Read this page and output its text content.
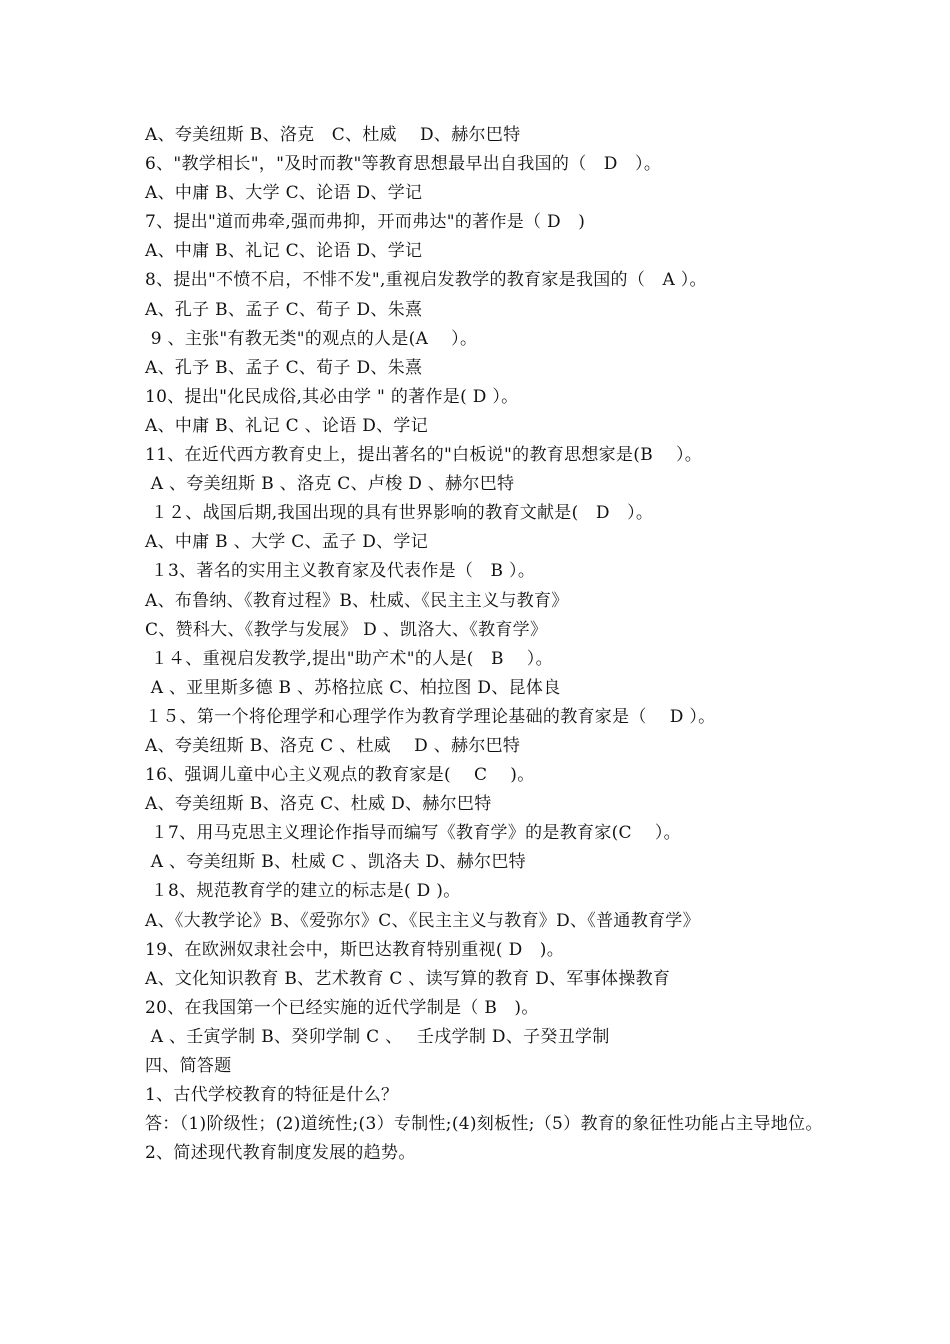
A、夸美纽斯 B、洛克　C、杜威　 D、赫尔巴特
6、"教学相长"，"及时而教"等教育思想最早出自我国的（　D　）。
A、中庸 B、大学 C、论语 D、学记
7、提出"道而弗牵,强而弗抑，开而弗达"的著作是（ D　)
A、中庸 B、礼记 C、论语 D、学记
8、提出"不愤不启，不悱不发",重视启发教学的教育家是我国的（　A ）。
A、孔子 B、孟子 C、荀子 D、朱熹
9 、主张"有教无类"的观点的人是(A　 ）。
A、孔予 B、孟子 C、荀子 D、朱熹
10、提出"化民成俗,其必由学 " 的著作是( D ）。
A、中庸 B、礼记 C 、论语 D、学记
11、在近代西方教育史上，提出著名的"白板说"的教育思想家是(B　 ）。
A 、夸美纽斯 B 、洛克 C、卢梭 D 、赫尔巴特
１２、战国后期,我国出现的具有世界影响的教育文献是(　D　）。
A、中庸 B 、大学 C、孟子 D、学记
１3、著名的实用主义教育家及代表作是（　B ）。
A、布鲁纳、《教育过程》B、杜威、《民主主义与教育》
C、赞科大、《教学与发展》 D 、凯洛大、《教育学》
１４、重视启发教学,提出"助产术"的人是(　B　 ）。
A 、亚里斯多德 B 、苏格拉底 C、柏拉图 D、昆体良
１５、第一个将伦理学和心理学作为教育学理论基础的教育家是（　 D ）。
A、夸美纽斯 B、洛克 C 、杜威　 D 、赫尔巴特
16、强调儿童中心主义观点的教育家是(　 C　 )。
A、夸美纽斯 B、洛克 C、杜威 D、赫尔巴特
１7、用马克思主义理论作指导而编写《教育学》的是教育家(C　 ）。
A 、夸美纽斯 B、杜威 C 、凯洛夫 D、赫尔巴特
１8、规范教育学的建立的标志是( D )。
A、《大教学论》B、《爱弥尔》C、《民主主义与教育》D、《普通教育学》
19、在欧洲奴隶社会中，斯巴达教育特别重视( D　)。
A、文化知识教育 B、艺术教育 C 、读写算的教育 D、军事体操教育
20、在我国第一个已经实施的近代学制是（ B　)。
A 、壬寅学制 B、癸卯学制 C 、　 壬戌学制 D、子癸丑学制
四、简答题
1、古代学校教育的特征是什么？
答：（1)阶级性；(2)道统性;(3）专制性;(4)刻板性;（5）教育的象征性功能占主导地位。
2、简述现代教育制度发展的趋势。
